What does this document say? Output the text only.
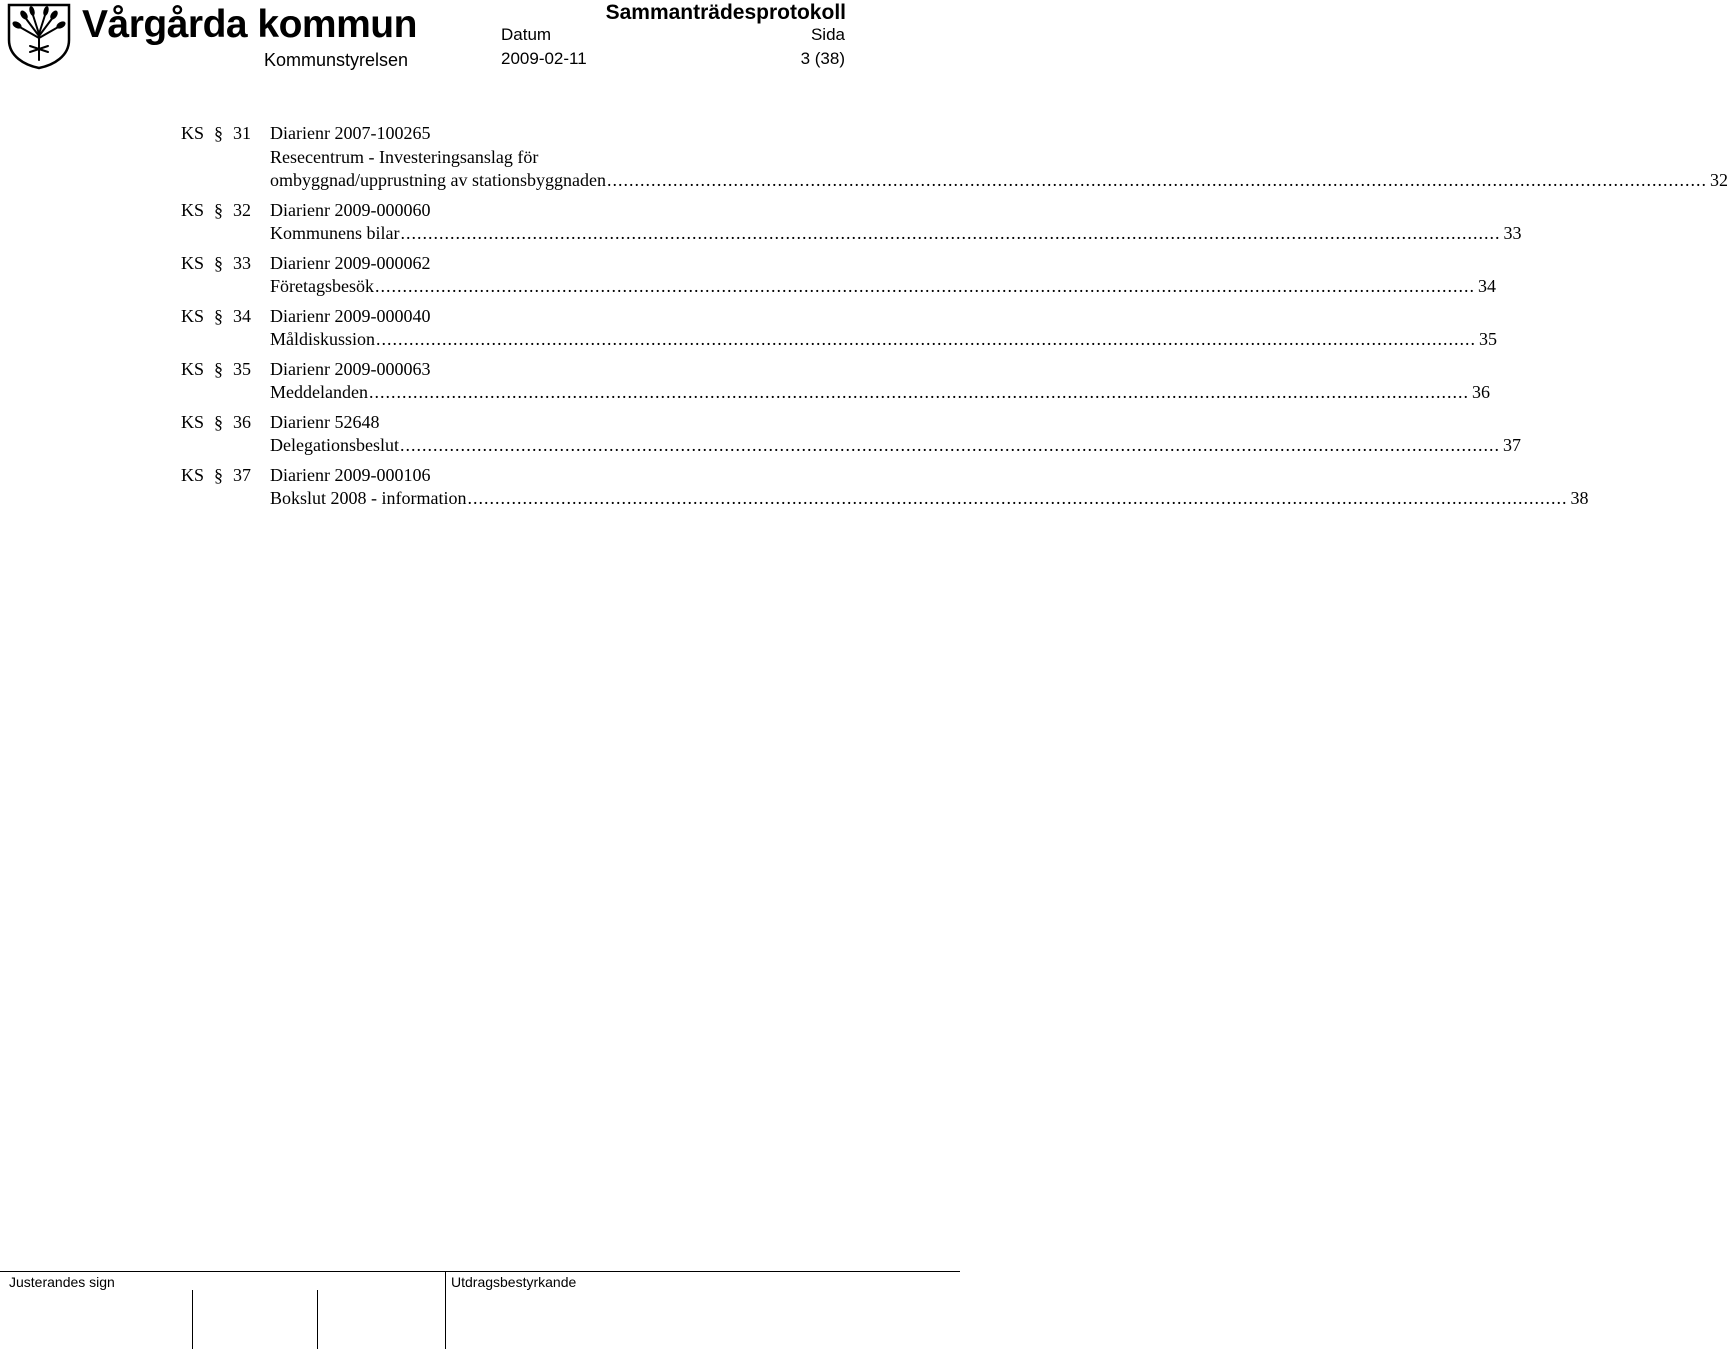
Vårgårda kommun
Kommunstyrelsen
Sammanträdesprotokoll
Datum
2009-02-11
Sida
3 (38)
KS § 31 Diarienr 2007-100265
Resecentrum - Investeringsanslag för
ombyggnad/upprustning av stationsbyggnaden ........................................................................................................................................................................................................ 32
KS § 32 Diarienr 2009-000060
Kommunens bilar ........................................................................................................................................................................................................ 33
KS § 33 Diarienr 2009-000062
Företagsbesök ........................................................................................................................................................................................................ 34
KS § 34 Diarienr 2009-000040
Måldiskussion ........................................................................................................................................................................................................ 35
KS § 35 Diarienr 2009-000063
Meddelanden ........................................................................................................................................................................................................ 36
KS § 36 Diarienr 52648
Delegationsbeslut ........................................................................................................................................................................................................ 37
KS § 37 Diarienr 2009-000106
Bokslut 2008 - information ........................................................................................................................................................................................................ 38
Justerandes sign	Utdragsbestyrkande
